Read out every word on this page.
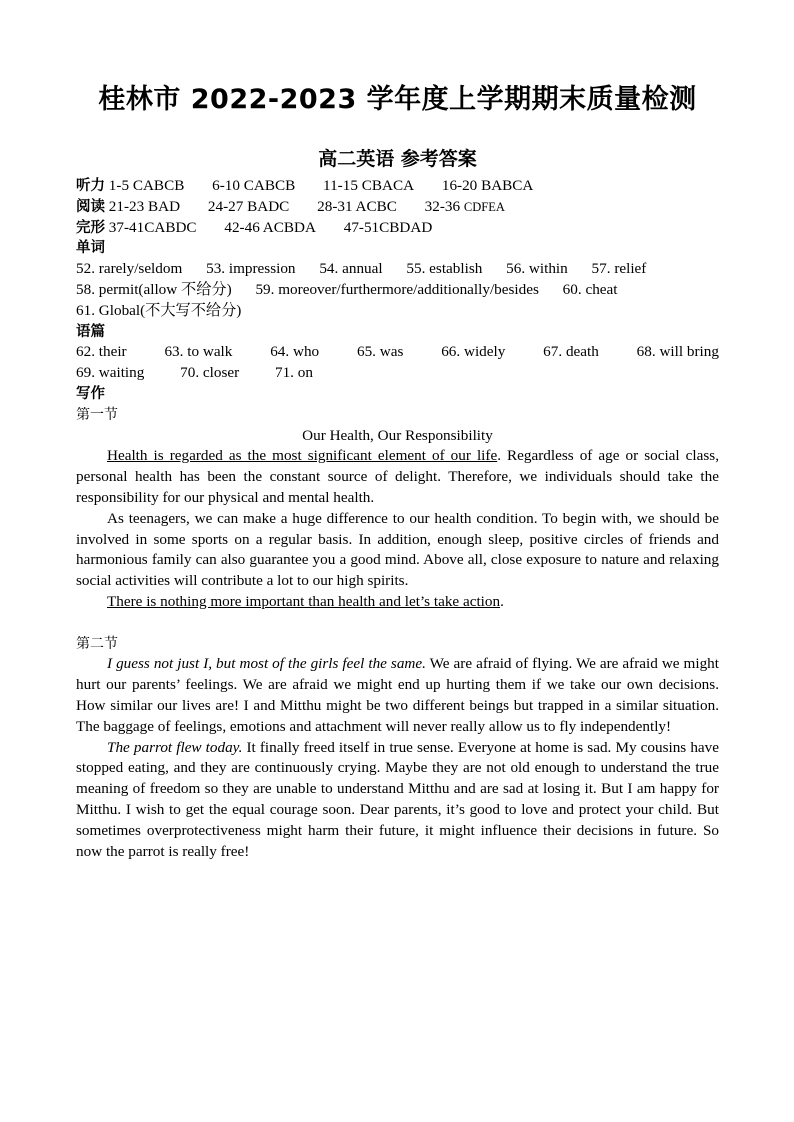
桂林市 2022-2023 学年度上学期期末质量检测
高二英语 参考答案
听力 1-5 CABCB 6-10 CABCB 11-15 CBACA 16-20 BABCA
阅读 21-23 BAD 24-27 BADC 28-31 ACBC 32-36 CDFEA
完形 37-41CABDC 42-46 ACBDA 47-51CBDAD
单词
52. rarely/seldom 53. impression 54. annual 55. establish 56. within 57. relief
58. permit(allow 不给分) 59. moreover/furthermore/additionally/besides 60. cheat
61. Global(不大写不给分)
语篇
62. their 63. to walk 64. who 65. was 66. widely 67. death 68. will bring
69. waiting 70. closer 71. on
写作
第一节
Our Health, Our Responsibility

Health is regarded as the most significant element of our life. Regardless of age or social class, personal health has been the constant source of delight. Therefore, we individuals should take the responsibility for our physical and mental health.

As teenagers, we can make a huge difference to our health condition. To begin with, we should be involved in some sports on a regular basis. In addition, enough sleep, positive circles of friends and harmonious family can also guarantee you a good mind. Above all, close exposure to nature and relaxing social activities will contribute a lot to our high spirits.

There is nothing more important than health and let’s take action.

第二节

I guess not just I, but most of the girls feel the same. We are afraid of flying. We are afraid we might hurt our parents’ feelings. We are afraid we might end up hurting them if we take our own decisions. How similar our lives are! I and Mitthu might be two different beings but trapped in a similar situation. The baggage of feelings, emotions and attachment will never really allow us to fly independently!

The parrot flew today. It finally freed itself in true sense. Everyone at home is sad. My cousins have stopped eating, and they are continuously crying. Maybe they are not old enough to understand the true meaning of freedom so they are unable to understand Mitthu and are sad at losing it. But I am happy for Mitthu. I wish to get the equal courage soon. Dear parents, it’s good to love and protect your child. But sometimes overprotectiveness might harm their future, it might influence their decisions in future. So now the parrot is really free!
